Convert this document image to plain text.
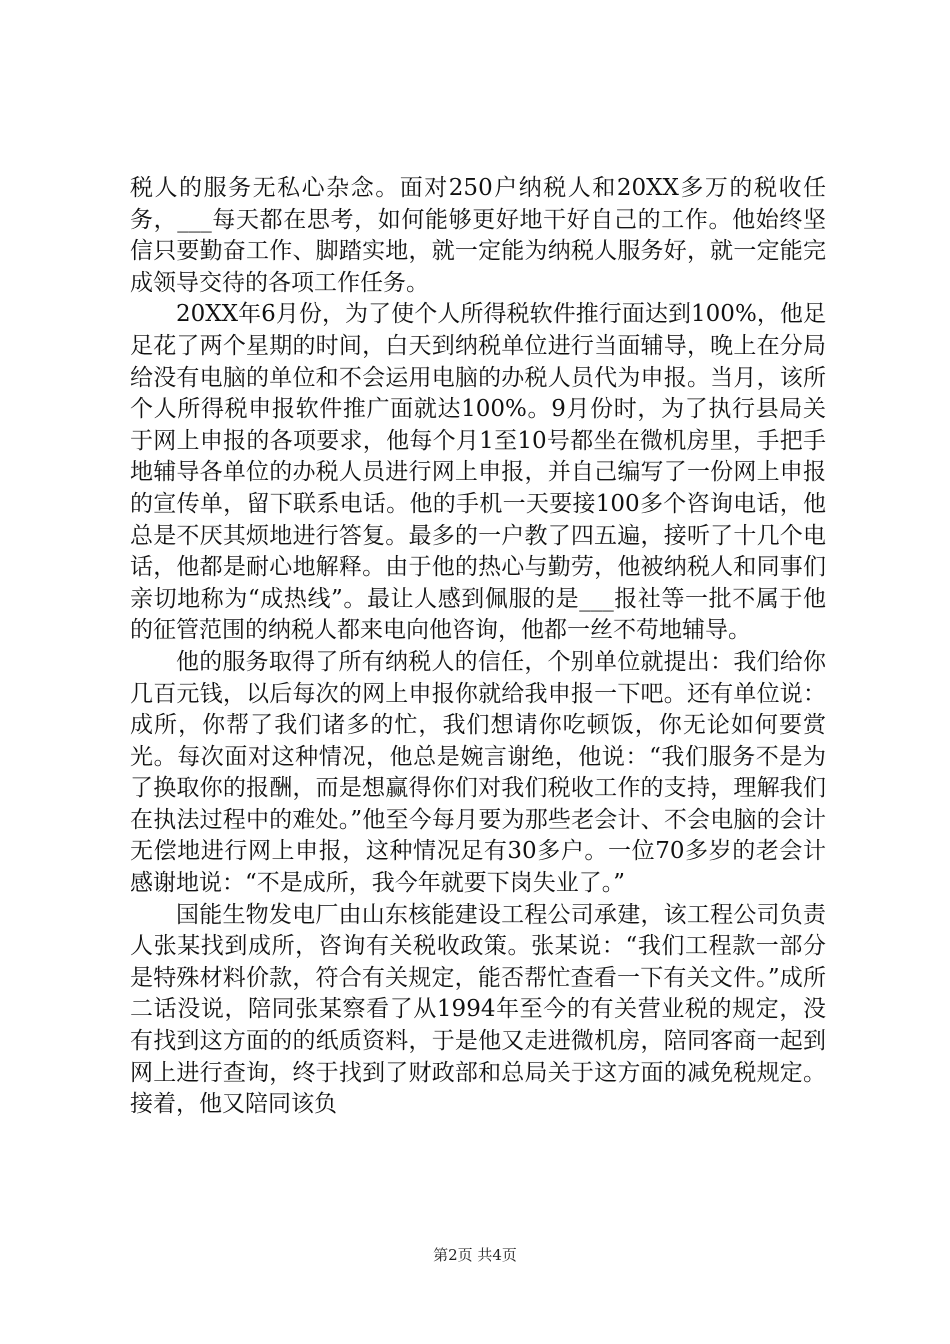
税人的服务无私心杂念。面对250户纳税人和20XX多万的税收任务，___每天都在思考，如何能够更好地干好自己的工作。他始终坚信只要勤奋工作、脚踏实地，就一定能为纳税人服务好，就一定能完成领导交待的各项工作任务。

20XX年6月份，为了使个人所得税软件推行面达到100%，他足足花了两个星期的时间，白天到纳税单位进行当面辅导，晚上在分局给没有电脑的单位和不会运用电脑的办税人员代为申报。当月，该所个人所得税申报软件推广面就达100%。9月份时，为了执行县局关于网上申报的各项要求，他每个月1至10号都坐在微机房里，手把手地辅导各单位的办税人员进行网上申报，并自己编写了一份网上申报的宣传单，留下联系电话。他的手机一天要接100多个咨询电话，他总是不厌其烦地进行答复。最多的一户教了四五遍，接听了十几个电话，他都是耐心地解释。由于他的热心与勤劳，他被纳税人和同事们亲切地称为“成热线”。最让人感到佩服的是___报社等一批不属于他的征管范围的纳税人都来电向他咨询，他都一丝不苟地辅导。

他的服务取得了所有纳税人的信任，个别单位就提出：我们给你几百元钱，以后每次的网上申报你就给我申报一下吧。还有单位说：成所，你帮了我们诸多的忙，我们想请你吃顿饭，你无论如何要赏光。每次面对这种情况，他总是婉言谢绝，他说：“我们服务不是为了换取你的报酬，而是想赢得你们对我们税收工作的支持，理解我们在执法过程中的难处。”他至今每月要为那些老会计、不会电脑的会计无偿地进行网上申报，这种情况足有30多户。一位70多岁的老会计感谢地说：“不是成所，我今年就要下岗失业了。”

国能生物发电厂由山东核能建设工程公司承建，该工程公司负责人张某找到成所，咨询有关税收政策。张某说：“我们工程款一部分是特殊材料价款，符合有关规定，能否帮忙查看一下有关文件。”成所二话没说，陪同张某察看了从1994年至今的有关营业税的规定，没有找到这方面的的纸质资料，于是他又走进微机房，陪同客商一起到网上进行查询，终于找到了财政部和总局关于这方面的减免税规定。接着，他又陪同该负

第2页 共4页
